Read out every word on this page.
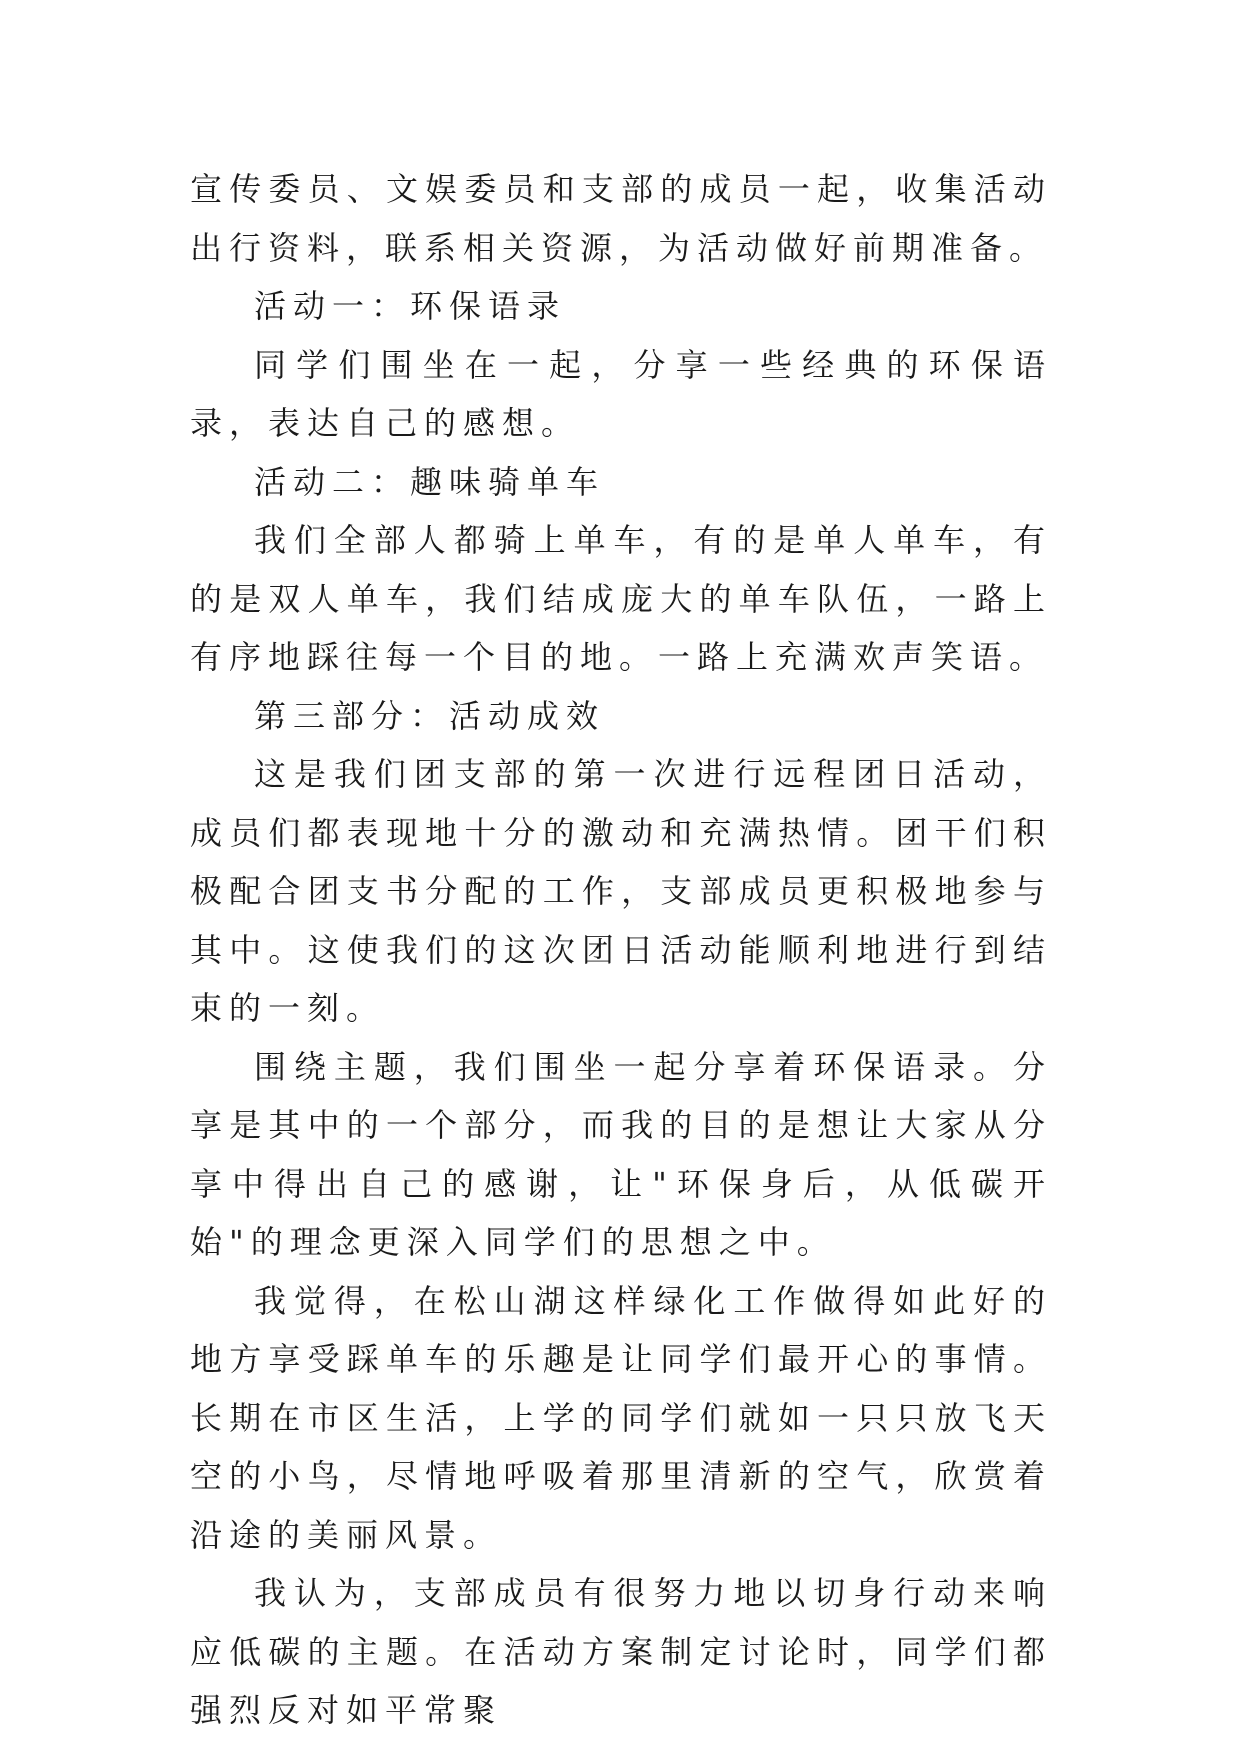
宣传委员、文娱委员和支部的成员一起，收集活动出行资料，联系相关资源，为活动做好前期准备。

活动一：环保语录

同学们围坐在一起，分享一些经典的环保语录，表达自己的感想。

活动二：趣味骑单车

我们全部人都骑上单车，有的是单人单车，有的是双人单车，我们结成庞大的单车队伍，一路上有序地踩往每一个目的地。一路上充满欢声笑语。

第三部分：活动成效

这是我们团支部的第一次进行远程团日活动，成员们都表现地十分的激动和充满热情。团干们积极配合团支书分配的工作，支部成员更积极地参与其中。这使我们的这次团日活动能顺利地进行到结束的一刻。

围绕主题，我们围坐一起分享着环保语录。分享是其中的一个部分，而我的目的是想让大家从分享中得出自己的感谢，让"环保身后，从低碳开始"的理念更深入同学们的思想之中。

我觉得，在松山湖这样绿化工作做得如此好的地方享受踩单车的乐趣是让同学们最开心的事情。长期在市区生活，上学的同学们就如一只只放飞天空的小鸟，尽情地呼吸着那里清新的空气，欣赏着沿途的美丽风景。

我认为，支部成员有很努力地以切身行动来响应低碳的主题。在活动方案制定讨论时，同学们都强烈反对如平常聚
